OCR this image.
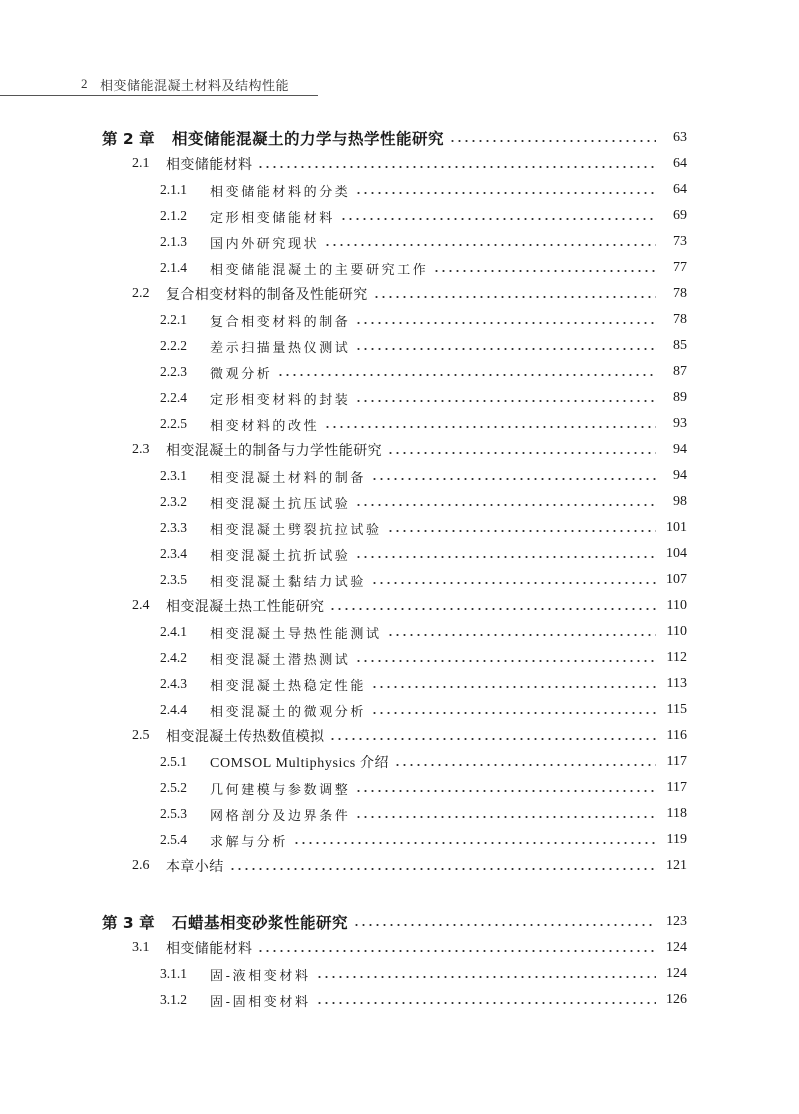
2 相变储能混凝土材料及结构性能
第 2 章	相变储能混凝土的力学与热学性能研究	63
2.1	相变储能材料	64
2.1.1	相变储能材料的分类	64
2.1.2	定形相变储能材料	69
2.1.3	国内外研究现状	73
2.1.4	相变储能混凝土的主要研究工作	77
2.2	复合相变材料的制备及性能研究	78
2.2.1	复合相变材料的制备	78
2.2.2	差示扫描量热仪测试	85
2.2.3	微观分析	87
2.2.4	定形相变材料的封装	89
2.2.5	相变材料的改性	93
2.3	相变混凝土的制备与力学性能研究	94
2.3.1	相变混凝土材料的制备	94
2.3.2	相变混凝土抗压试验	98
2.3.3	相变混凝土劈裂抗拉试验	101
2.3.4	相变混凝土抗折试验	104
2.3.5	相变混凝土黏结力试验	107
2.4	相变混凝土热工性能研究	110
2.4.1	相变混凝土导热性能测试	110
2.4.2	相变混凝土潜热测试	112
2.4.3	相变混凝土热稳定性能	113
2.4.4	相变混凝土的微观分析	115
2.5	相变混凝土传热数值模拟	116
2.5.1	COMSOL Multiphysics 介绍	117
2.5.2	几何建模与参数调整	117
2.5.3	网格剖分及边界条件	118
2.5.4	求解与分析	119
2.6	本章小结	121
第 3 章	石蜡基相变砂浆性能研究	123
3.1	相变储能材料	124
3.1.1	固-液相变材料	124
3.1.2	固-固相变材料	126
